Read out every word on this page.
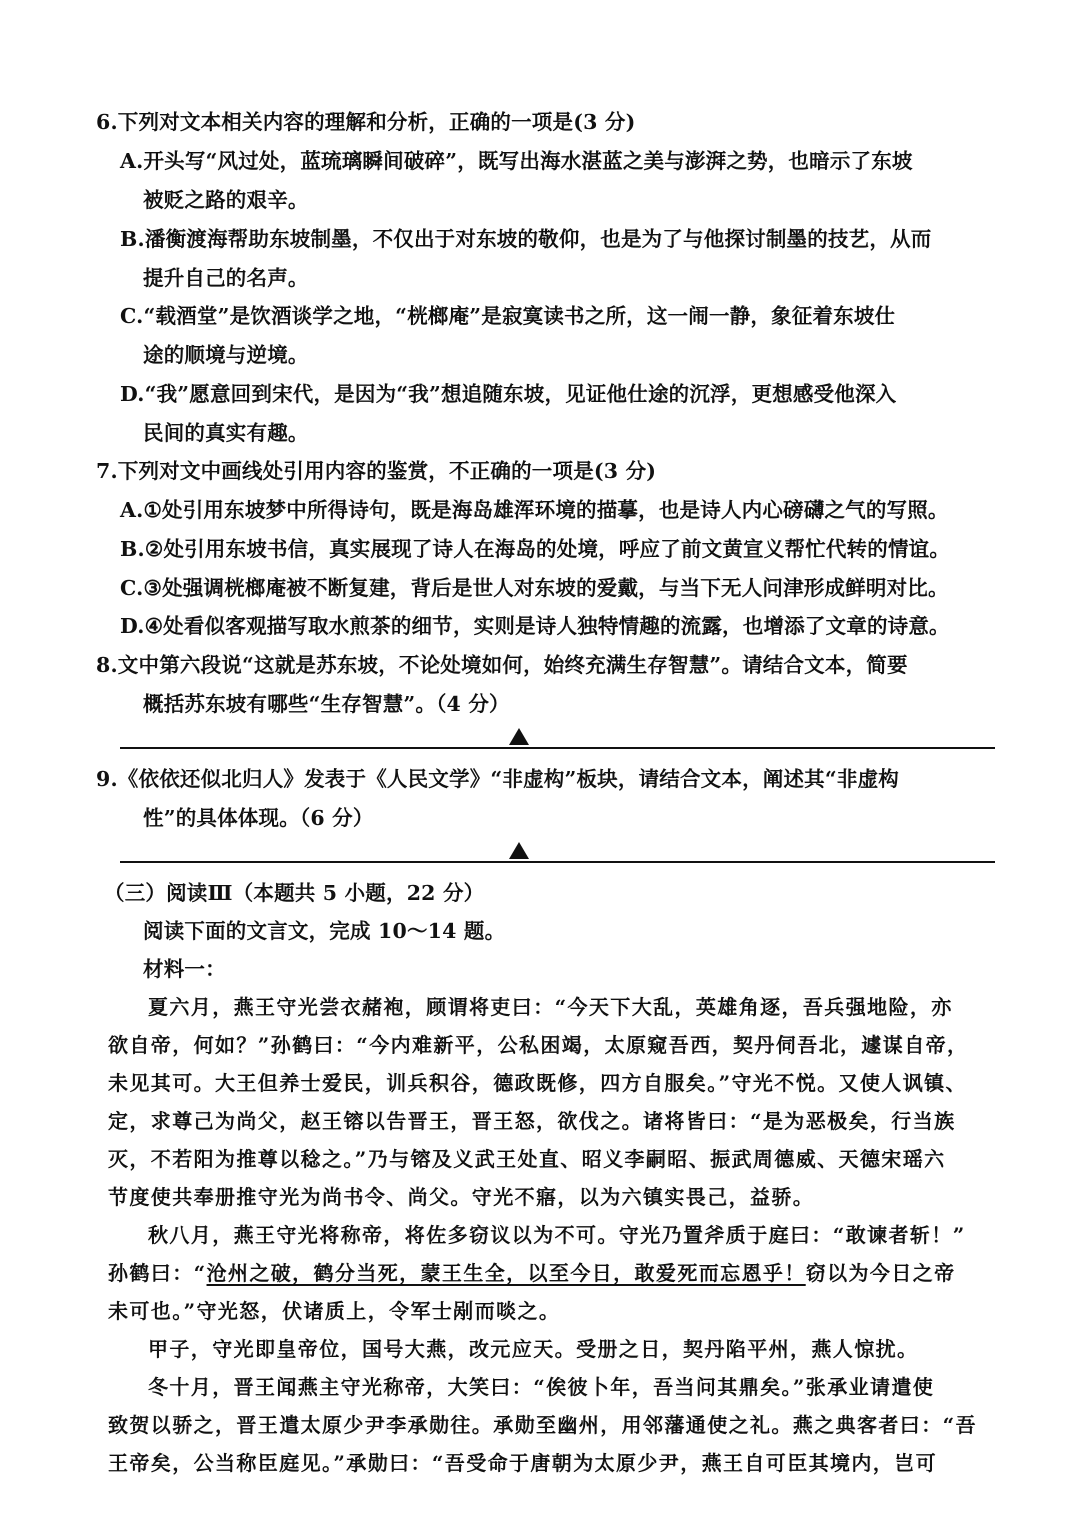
6.下列对文本相关内容的理解和分析，正确的一项是(3 分)
A.开头写“风过处，蓝琉璃瞬间破碎”，既写出海水湛蓝之美与澎湃之势，也暗示了东坡
被贬之路的艰辛。
B.潘衡渡海帮助东坡制墨，不仅出于对东坡的敬仰，也是为了与他探讨制墨的技艺，从而
提升自己的名声。
C.“载酒堂”是饮酒谈学之地，“桄榔庵”是寂寞读书之所，这一闹一静，象征着东坡仕
途的顺境与逆境。
D.“我”愿意回到宋代，是因为“我”想追随东坡，见证他仕途的沉浮，更想感受他深入
民间的真实有趣。
7.下列对文中画线处引用内容的鉴赏，不正确的一项是(3 分)
A.①处引用东坡梦中所得诗句，既是海岛雄浑环境的描摹，也是诗人内心磅礴之气的写照。
B.②处引用东坡书信，真实展现了诗人在海岛的处境，呼应了前文黄宣义帮忙代转的情谊。
C.③处强调桄榔庵被不断复建，背后是世人对东坡的爱戴，与当下无人问津形成鲜明对比。
D.④处看似客观描写取水煎茶的细节，实则是诗人独特情趣的流露，也增添了文章的诗意。
8.文中第六段说“这就是苏东坡，不论处境如何，始终充满生存智慧”。请结合文本，简要
概括苏东坡有哪些“生存智慧”。（4 分）
9.《依依还似北归人》发表于《人民文学》“非虚构”板块，请结合文本，阐述其“非虚构
性”的具体体现。（6 分）
（三）阅读Ⅲ（本题共 5 小题，22 分）
阅读下面的文言文，完成 10～14 题。
材料一：
夏六月，燕王守光尝衣赭袍，顾谓将吏曰：“今天下大乱，英雄角逐，吾兵强地险，亦
欲自帝，何如？”孙鹤曰：“今内难新平，公私困竭，太原窥吾西，契丹伺吾北，遽谋自帝，
未见其可。大王但养士爱民，训兵积谷，德政既修，四方自服矣。”守光不悦。又使人讽镇、
定，求尊己为尚父，赵王镕以告晋王，晋王怒，欲伐之。诸将皆曰：“是为恶极矣，行当族
灭，不若阳为推尊以稔之。”乃与镕及义武王处直、昭义李嗣昭、振武周德威、天德宋瑶六
节度使共奉册推守光为尚书令、尚父。守光不寤，以为六镇实畏己，益骄。
秋八月，燕王守光将称帝，将佐多窃议以为不可。守光乃置斧质于庭曰：“敢谏者斩！”
孙鹤曰：“沧州之破，鹤分当死，蒙王生全，以至今日，敢爱死而忘恩乎！窃以为今日之帝
未可也。”守光怒，伏诸质上，令军士剐而啖之。
甲子，守光即皇帝位，国号大燕，改元应天。受册之日，契丹陷平州，燕人惊扰。
冬十月，晋王闻燕主守光称帝，大笑曰：“俟彼卜年，吾当问其鼎矣。”张承业请遣使
致贺以骄之，晋王遣太原少尹李承勋往。承勋至幽州，用邻藩通使之礼。燕之典客者曰：“吾
王帝矣，公当称臣庭见。”承勋曰：“吾受命于唐朝为太原少尹，燕王自可臣其境内，岂可
